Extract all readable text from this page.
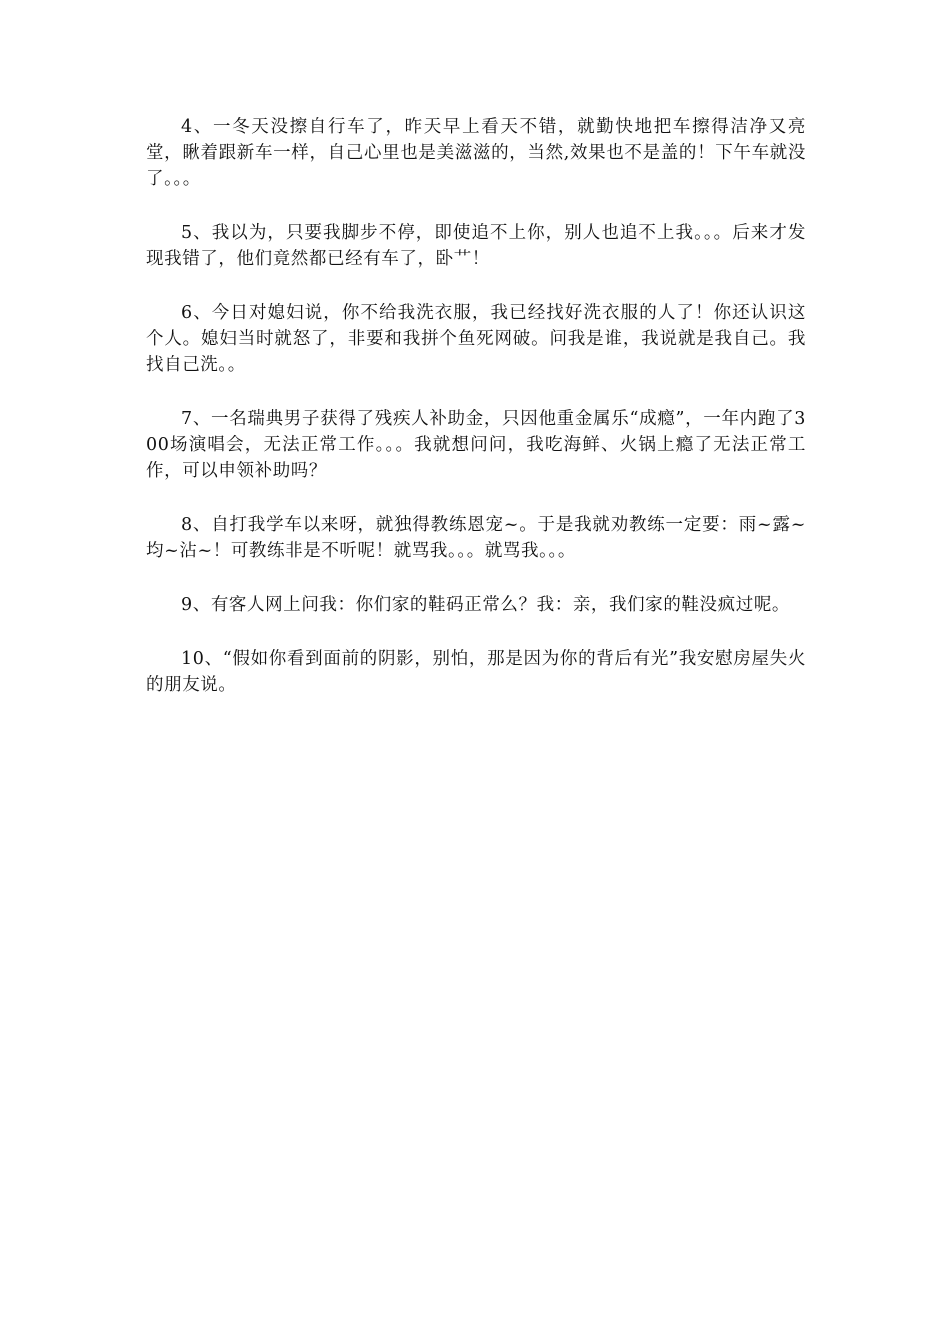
4、一冬天没擦自行车了，昨天早上看天不错，就勤快地把车擦得洁净又亮堂，瞅着跟新车一样，自己心里也是美滋滋的，当然,效果也不是盖的！下午车就没了。。。

5、我以为，只要我脚步不停，即使追不上你，别人也追不上我。。。后来才发现我错了，他们竟然都已经有车了，卧艹！

6、今日对媳妇说，你不给我洗衣服，我已经找好洗衣服的人了！你还认识这个人。媳妇当时就怒了，非要和我拼个鱼死网破。问我是谁，我说就是我自己。我找自己洗。。

7、一名瑞典男子获得了残疾人补助金，只因他重金属乐“成瘾”，一年内跑了300场演唱会，无法正常工作。。。我就想问问，我吃海鲜、火锅上瘾了无法正常工作，可以申领补助吗？

8、自打我学车以来呀，就独得教练恩宠~。于是我就劝教练一定要：雨~露~均~沾~！可教练非是不听呢！就骂我。。。就骂我。。。

9、有客人网上问我：你们家的鞋码正常么？我：亲，我们家的鞋没疯过呢。

10、“假如你看到面前的阴影，别怕，那是因为你的背后有光”我安慰房屋失火的朋友说。
